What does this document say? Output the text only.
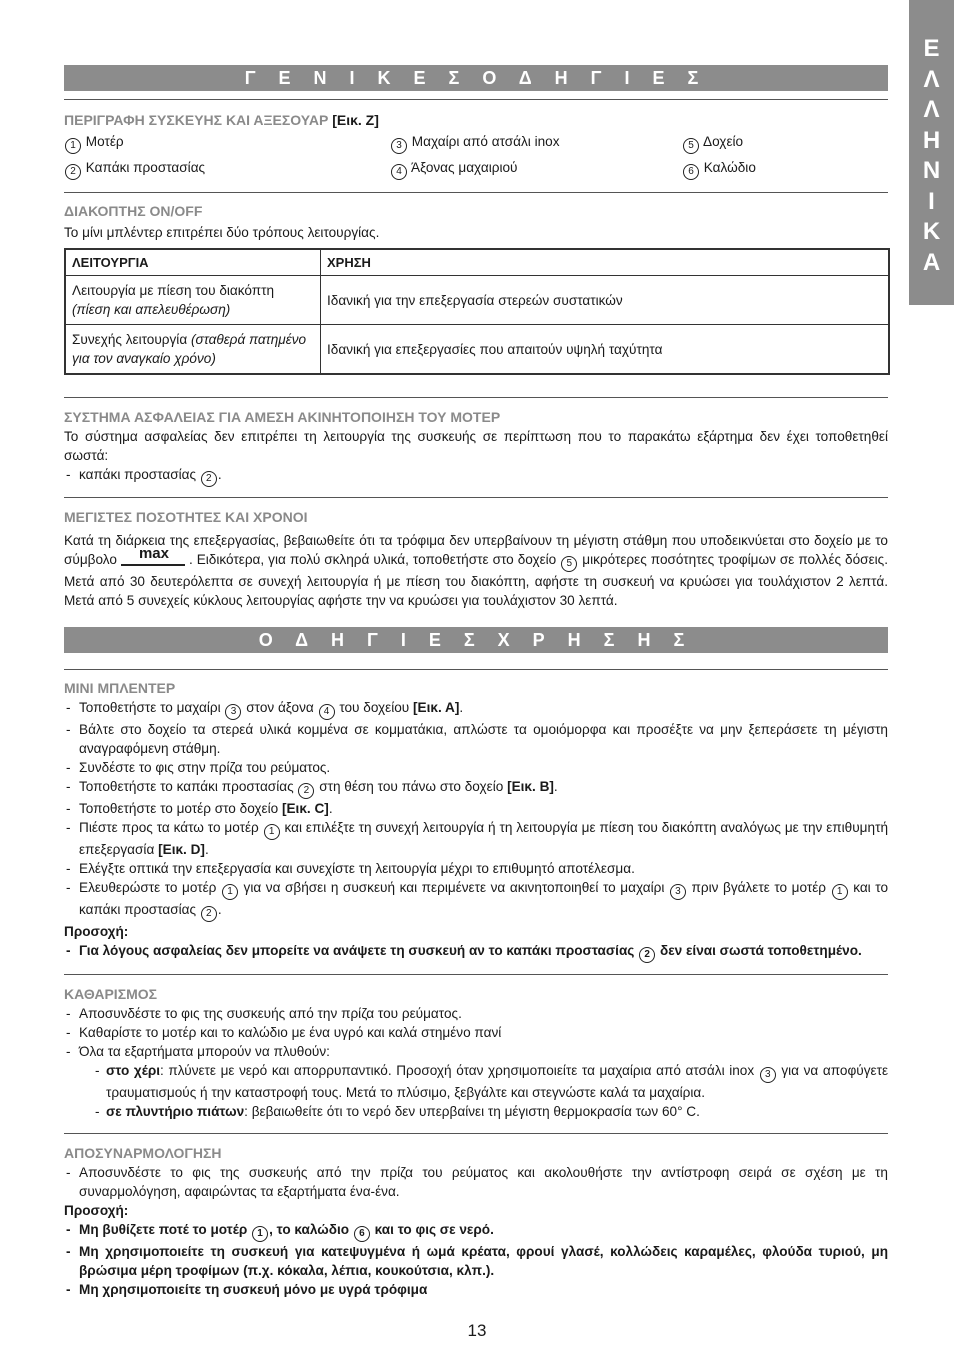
Ε
Λ
Λ
Η
Ν
Ι
Κ
Α
Γ Ε Ν Ι Κ Ε Σ Ο Δ Η Γ Ι Ε Σ

ΠΕΡΙΓΡΑΦΗ ΣΥΣΚΕΥΗΣ ΚΑΙ ΑΞΕΣΟΥΑΡ [Εικ. Ζ]

1 Μοτέρ	3 Μαχαίρι από ατσάλι inox	5 Δοχείο
2 Καπάκι προστασίας	4 Άξονας μαχαιριού	6 Καλώδιο

ΔΙΑΚΟΠΤΗΣ ΟΝ/OFF

Το μίνι μπλέντερ επιτρέπει δύο τρόπους λειτουργίας.

ΛΕΙΤΟΥΡΓΙΑ	ΧΡΗΣΗ
Λειτουργία με πίεση του διακόπτη
(πίεση και απελευθέρωση)	Ιδανική για την επεξεργασία στερεών συστατικών
Συνεχής λειτουργία (σταθερά πατημένο για τον αναγκαίο χρόνο)	Ιδανική για επεξεργασίες που απαιτούν υψηλή ταχύτητα

ΣΥΣΤΗΜΑ ΑΣΦΑΛΕΙΑΣ ΓΙΑ ΑΜΕΣΗ ΑΚΙΝΗΤΟΠΟΙΗΣΗ ΤΟΥ ΜΟΤΕΡ

Το σύστημα ασφαλείας δεν επιτρέπει τη λειτουργία της συσκευής σε περίπτωση που το παρακάτω εξάρτημα δεν έχει τοποθετηθεί σωστά:

- καπάκι προστασίας 2 .

ΜΕΓΙΣΤΕΣ ΠΟΣΟΤΗΤΕΣ ΚΑΙ ΧΡΟΝΟΙ

Κατά τη διάρκεια της επεξεργασίας, βεβαιωθείτε ότι τα τρόφιμα δεν υπερβαίνουν τη μέγιστη στάθμη που υποδεικνύεται στο δοχείο με το σύμβολο max . Ειδικότερα, για πολύ σκληρά υλικά, τοποθετήστε στο δοχείο 5 μικρότερες ποσότητες τροφίμων σε πολλές δόσεις. Μετά από 30 δευτερόλεπτα σε συνεχή λειτουργία ή με πίεση του διακόπτη, αφήστε τη συσκευή να κρυώσει για τουλάχιστον 2 λεπτά. Μετά από 5 συνεχείς κύκλους λειτουργίας αφήστε την να κρυώσει για τουλάχιστον 30 λεπτά.

Ο Δ Η Γ Ι Ε Σ Χ Ρ Η Σ Η Σ

ΜΙΝΙ ΜΠΛΕΝΤΕΡ

- Τοποθετήστε το μαχαίρι 3 στον άξονα 4 του δοχείου [Εικ. Α].
- Βάλτε στο δοχείο τα στερεά υλικά κομμένα σε κομματάκια, απλώστε τα ομοιόμορφα και προσέξτε να μην ξεπεράσετε τη μέγιστη αναγραφόμενη στάθμη.
- Συνδέστε το φις στην πρίζα του ρεύματος.
- Τοποθετήστε το καπάκι προστασίας 2 στη θέση του πάνω στο δοχείο [Εικ. Β].
- Τοποθετήστε το μοτέρ στο δοχείο [Εικ. C].
- Πιέστε προς τα κάτω το μοτέρ 1 και επιλέξτε τη συνεχή λειτουργία ή τη λειτουργία με πίεση του διακόπτη αναλόγως με την επιθυμητή επεξεργασία [Εικ. D].
- Ελέγξτε οπτικά την επεξεργασία και συνεχίστε τη λειτουργία μέχρι το επιθυμητό αποτέλεσμα.
- Ελευθερώστε το μοτέρ 1 για να σβήσει η συσκευή και περιμένετε να ακινητοποιηθεί το μαχαίρι 3 πριν βγάλετε το μοτέρ 1 και το καπάκι προστασίας 2 .

Προσοχή:

- Για λόγους ασφαλείας δεν μπορείτε να ανάψετε τη συσκευή αν το καπάκι προστασίας 2 δεν είναι σωστά τοποθετημένο.

ΚΑΘΑΡΙΣΜΟΣ

- Αποσυνδέστε το φις της συσκευής από την πρίζα του ρεύματος.
- Καθαρίστε το μοτέρ και το καλώδιο με ένα υγρό και καλά στημένο πανί
- Όλα τα εξαρτήματα μπορούν να πλυθούν:
- στο χέρι: πλύνετε με νερό και απορρυπαντικό. Προσοχή όταν χρησιμοποιείτε τα μαχαίρια από ατσάλι inox 3 για να αποφύγετε τραυματισμούς ή την καταστροφή τους. Μετά το πλύσιμο, ξεβγάλτε και στεγνώστε καλά τα μαχαίρια.
- σε πλυντήριο πιάτων: βεβαιωθείτε ότι το νερό δεν υπερβαίνει τη μέγιστη θερμοκρασία των 60° C.

ΑΠΟΣΥΝΑΡΜΟΛΟΓΗΣΗ

- Αποσυνδέστε το φις της συσκευής από την πρίζα του ρεύματος και ακολουθήστε την αντίστροφη σειρά σε σχέση με τη συναρμολόγηση, αφαιρώντας τα εξαρτήματα ένα-ένα.

Προσοχή:

- Μη βυθίζετε ποτέ το μοτέρ 1 , το καλώδιο 6 και το φις σε νερό.
- Μη χρησιμοποιείτε τη συσκευή για κατεψυγμένα ή ωμά κρέατα, φρουί γλασέ, κολλώδεις καραμέλες, φλούδα τυριού, μη βρώσιμα μέρη τροφίμων (π.χ. κόκαλα, λέπια, κουκούτσια, κλπ.).
- Μη χρησιμοποιείτε τη συσκευή μόνο με υγρά τρόφιμα
13
